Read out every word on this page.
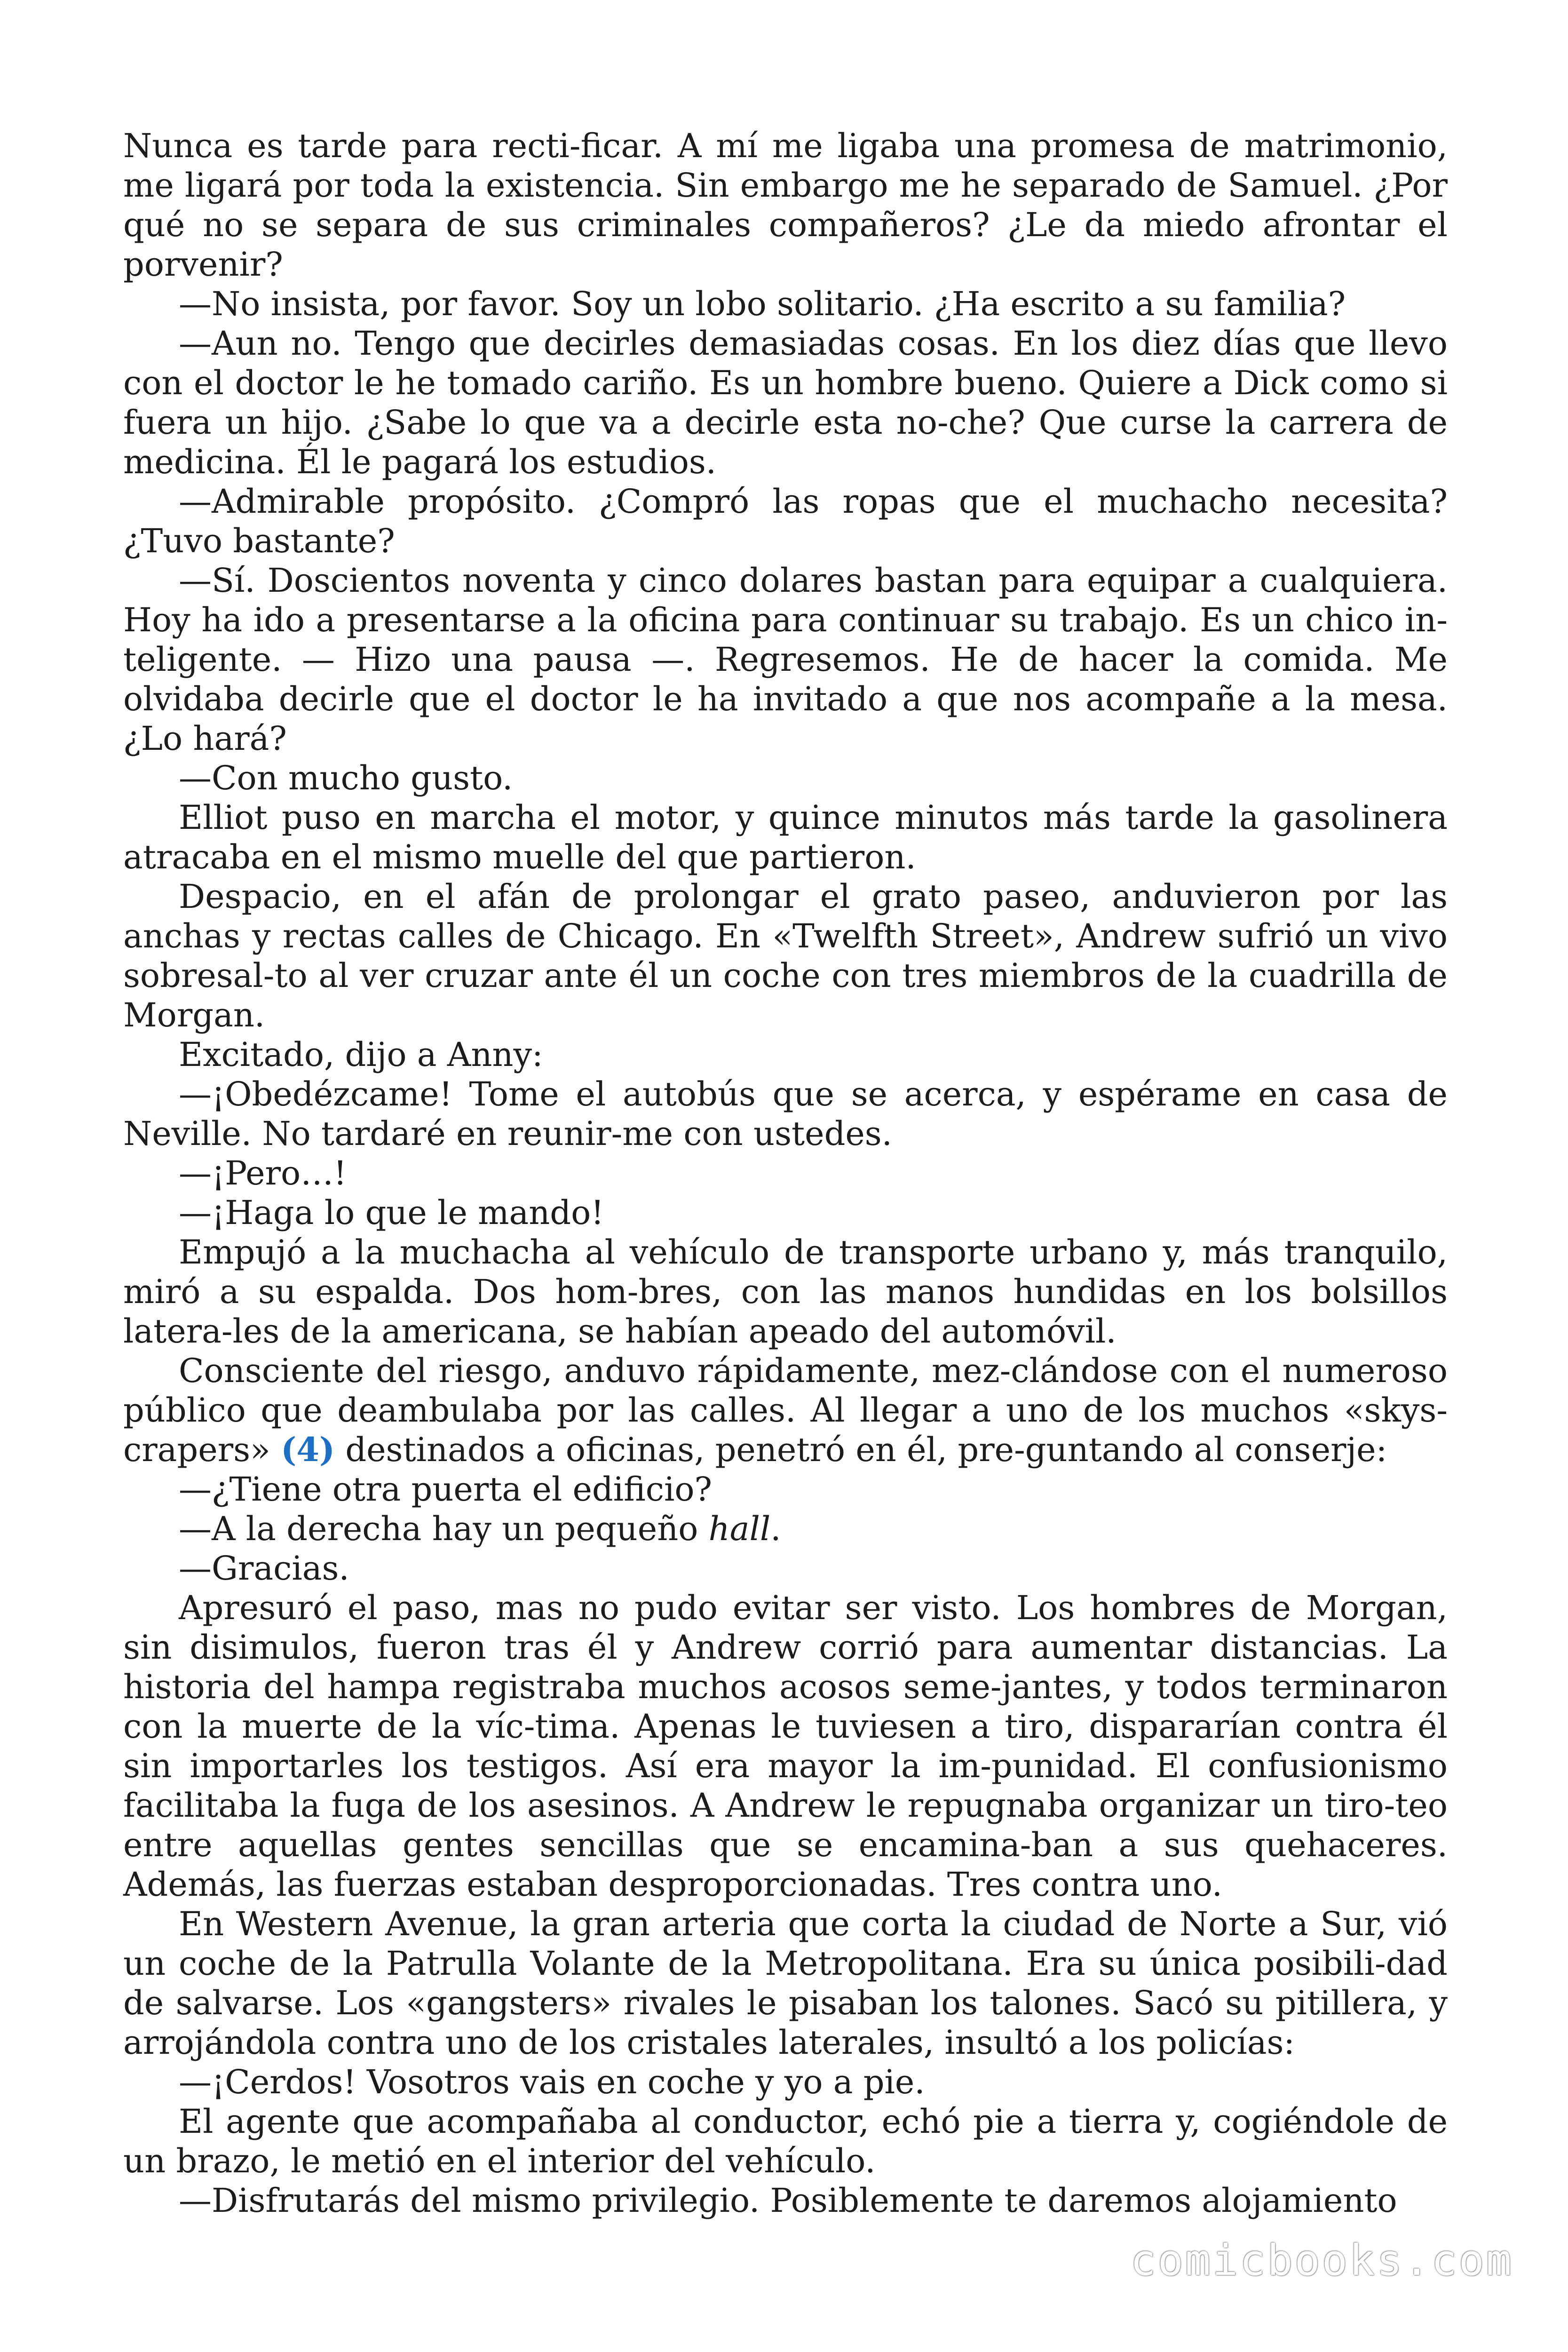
Nunca es tarde para recti-ficar. A mí me ligaba una promesa de matrimonio, me ligará por toda la existencia. Sin embargo me he separado de Samuel. ¿Por qué no se separa de sus criminales compañeros? ¿Le da miedo afrontar el porvenir?

—No insista, por favor. Soy un lobo solitario. ¿Ha escrito a su familia?

—Aun no. Tengo que decirles demasiadas cosas. En los diez días que llevo con el doctor le he tomado cariño. Es un hombre bueno. Quiere a Dick como si fuera un hijo. ¿Sabe lo que va a decirle esta no-che? Que curse la carrera de medicina. Él le pagará los estudios.

—Admirable propósito. ¿Compró las ropas que el muchacho necesita? ¿Tuvo bastante?

—Sí. Doscientos noventa y cinco dolares bastan para equipar a cualquiera. Hoy ha ido a presentarse a la oficina para continuar su trabajo. Es un chico in-teligente. — Hizo una pausa —. Regresemos. He de hacer la comida. Me olvidaba decirle que el doctor le ha invitado a que nos acompañe a la mesa. ¿Lo hará?

—Con mucho gusto.

Elliot puso en marcha el motor, y quince minutos más tarde la gasolinera atracaba en el mismo muelle del que partieron.

Despacio, en el afán de prolongar el grato paseo, anduvieron por las anchas y rectas calles de Chicago. En «Twelfth Street», Andrew sufrió un vivo sobresal-to al ver cruzar ante él un coche con tres miembros de la cuadrilla de Morgan.

Excitado, dijo a Anny:

—¡Obedézcame! Tome el autobús que se acerca, y espérame en casa de Neville. No tardaré en reunir-me con ustedes.

—¡Pero…!

—¡Haga lo que le mando!

Empujó a la muchacha al vehículo de transporte urbano y, más tranquilo, miró a su espalda. Dos hom-bres, con las manos hundidas en los bolsillos latera-les de la americana, se habían apeado del automóvil.

Consciente del riesgo, anduvo rápidamente, mez-clándose con el numeroso público que deambulaba por las calles. Al llegar a uno de los muchos «skys-crapers» (4) destinados a oficinas, penetró en él, pre-guntando al conserje:

—¿Tiene otra puerta el edificio?

—A la derecha hay un pequeño hall.

—Gracias.

Apresuró el paso, mas no pudo evitar ser visto. Los hombres de Morgan, sin disimulos, fueron tras él y Andrew corrió para aumentar distancias. La historia del hampa registraba muchos acosos seme-jantes, y todos terminaron con la muerte de la víc-tima. Apenas le tuviesen a tiro, dispararían contra él sin importarles los testigos. Así era mayor la im-punidad. El confusionismo facilitaba la fuga de los asesinos. A Andrew le repugnaba organizar un tiro-teo entre aquellas gentes sencillas que se encamina-ban a sus quehaceres. Además, las fuerzas estaban desproporcionadas. Tres contra uno.

En Western Avenue, la gran arteria que corta la ciudad de Norte a Sur, vió un coche de la Patrulla Volante de la Metropolitana. Era su única posibili-dad de salvarse. Los «gangsters» rivales le pisaban los talones. Sacó su pitillera, y arrojándola contra uno de los cristales laterales, insultó a los policías:

—¡Cerdos! Vosotros vais en coche y yo a pie.

El agente que acompañaba al conductor, echó pie a tierra y, cogiéndole de un brazo, le metió en el interior del vehículo.

—Disfrutarás del mismo privilegio. Posiblemente te daremos alojamiento

comicbooks.com
